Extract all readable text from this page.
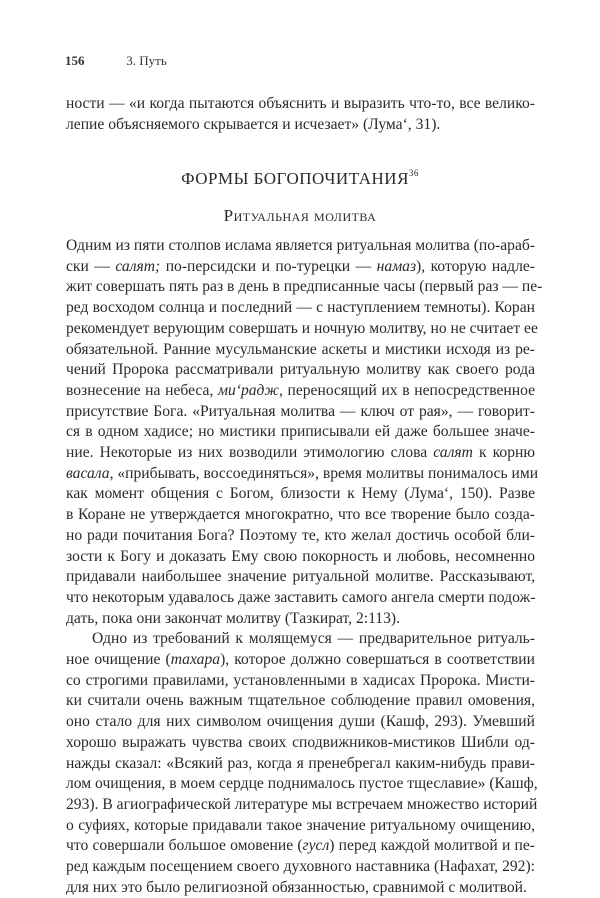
156	3. Путь
ности — «и когда пытаются объяснить и выразить что-то, все велико-
лепие объясняемого скрывается и исчезает» (Лума‘, 31).
ФОРМЫ БОГОПОЧИТАНИЯ$^{36}$
Ритуальная молитва
Одним из пяти столпов ислама является ритуальная молитва (по-араб-
ски — салят; по-персидски и по-турецки — намаз), которую надле-
жит совершать пять раз в день в предписанные часы (первый раз — пе-
ред восходом солнца и последний — с наступлением темноты). Коран
рекомендует верующим совершать и ночную молитву, но не считает ее
обязательной. Ранние мусульманские аскеты и мистики исходя из ре-
чений Пророка рассматривали ритуальную молитву как своего рода
вознесение на небеса, ми‘радж, переносящий их в непосредственное
присутствие Бога. «Ритуальная молитва — ключ от рая», — говорит-
ся в одном хадисе; но мистики приписывали ей даже большее значе-
ние. Некоторые из них возводили этимологию слова салят к корню
васала, «прибывать, воссоединяться», время молитвы понималось ими
как момент общения с Богом, близости к Нему (Лума‘, 150). Разве
в Коране не утверждается многократно, что все творение было созда-
но ради почитания Бога? Поэтому те, кто желал достичь особой бли-
зости к Богу и доказать Ему свою покорность и любовь, несомненно
придавали наибольшее значение ритуальной молитве. Рассказывают,
что некоторым удавалось даже заставить самого ангела смерти подож-
дать, пока они закончат молитву (Тазкират, 2:113).
Одно из требований к молящемуся — предварительное ритуаль-
ное очищение (тахара), которое должно совершаться в соответствии
со строгими правилами, установленными в хадисах Пророка. Мисти-
ки считали очень важным тщательное соблюдение правил омовения,
оно стало для них символом очищения души (Кашф, 293). Умевший
хорошо выражать чувства своих сподвижников-мистиков Шибли од-
нажды сказал: «Всякий раз, когда я пренебрегал каким-нибудь прави-
лом очищения, в моем сердце поднималось пустое тщеславие» (Кашф,
293). В агиографической литературе мы встречаем множество историй
о суфиях, которые придавали такое значение ритуальному очищению,
что совершали большое омовение (гусл) перед каждой молитвой и пе-
ред каждым посещением своего духовного наставника (Нафахат, 292):
для них это было религиозной обязанностью, сравнимой с молитвой.
